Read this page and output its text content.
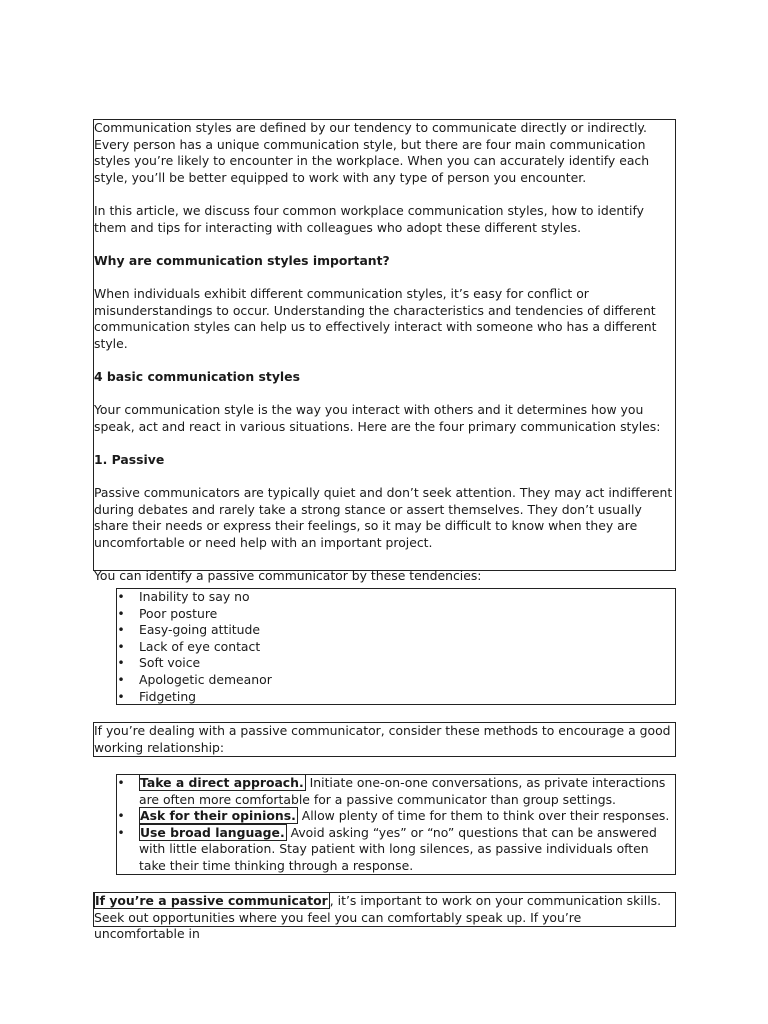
Communication styles are defined by our tendency to communicate directly or indirectly. Every person has a unique communication style, but there are four main communication styles you’re likely to encounter in the workplace. When you can accurately identify each style, you’ll be better equipped to work with any type of person you encounter.

In this article, we discuss four common workplace communication styles, how to identify them and tips for interacting with colleagues who adopt these different styles.

Why are communication styles important?

When individuals exhibit different communication styles, it’s easy for conflict or misunderstandings to occur. Understanding the characteristics and tendencies of different communication styles can help us to effectively interact with someone who has a different style.

4 basic communication styles

Your communication style is the way you interact with others and it determines how you speak, act and react in various situations. Here are the four primary communication styles:

1. Passive

Passive communicators are typically quiet and don’t seek attention. They may act indifferent during debates and rarely take a strong stance or assert themselves. They don’t usually share their needs or express their feelings, so it may be difficult to know when they are uncomfortable or need help with an important project.

You can identify a passive communicator by these tendencies:

• Inability to say no
• Poor posture
• Easy-going attitude
• Lack of eye contact
• Soft voice
• Apologetic demeanor
• Fidgeting

If you’re dealing with a passive communicator, consider these methods to encourage a good working relationship:

• Take a direct approach. Initiate one-on-one conversations, as private interactions are often more comfortable for a passive communicator than group settings.
• Ask for their opinions. Allow plenty of time for them to think over their responses.
• Use broad language. Avoid asking “yes” or “no” questions that can be answered with little elaboration. Stay patient with long silences, as passive individuals often take their time thinking through a response.

If you’re a passive communicator , it’s important to work on your communication skills. Seek out opportunities where you feel you can comfortably speak up. If you’re uncomfortable in
